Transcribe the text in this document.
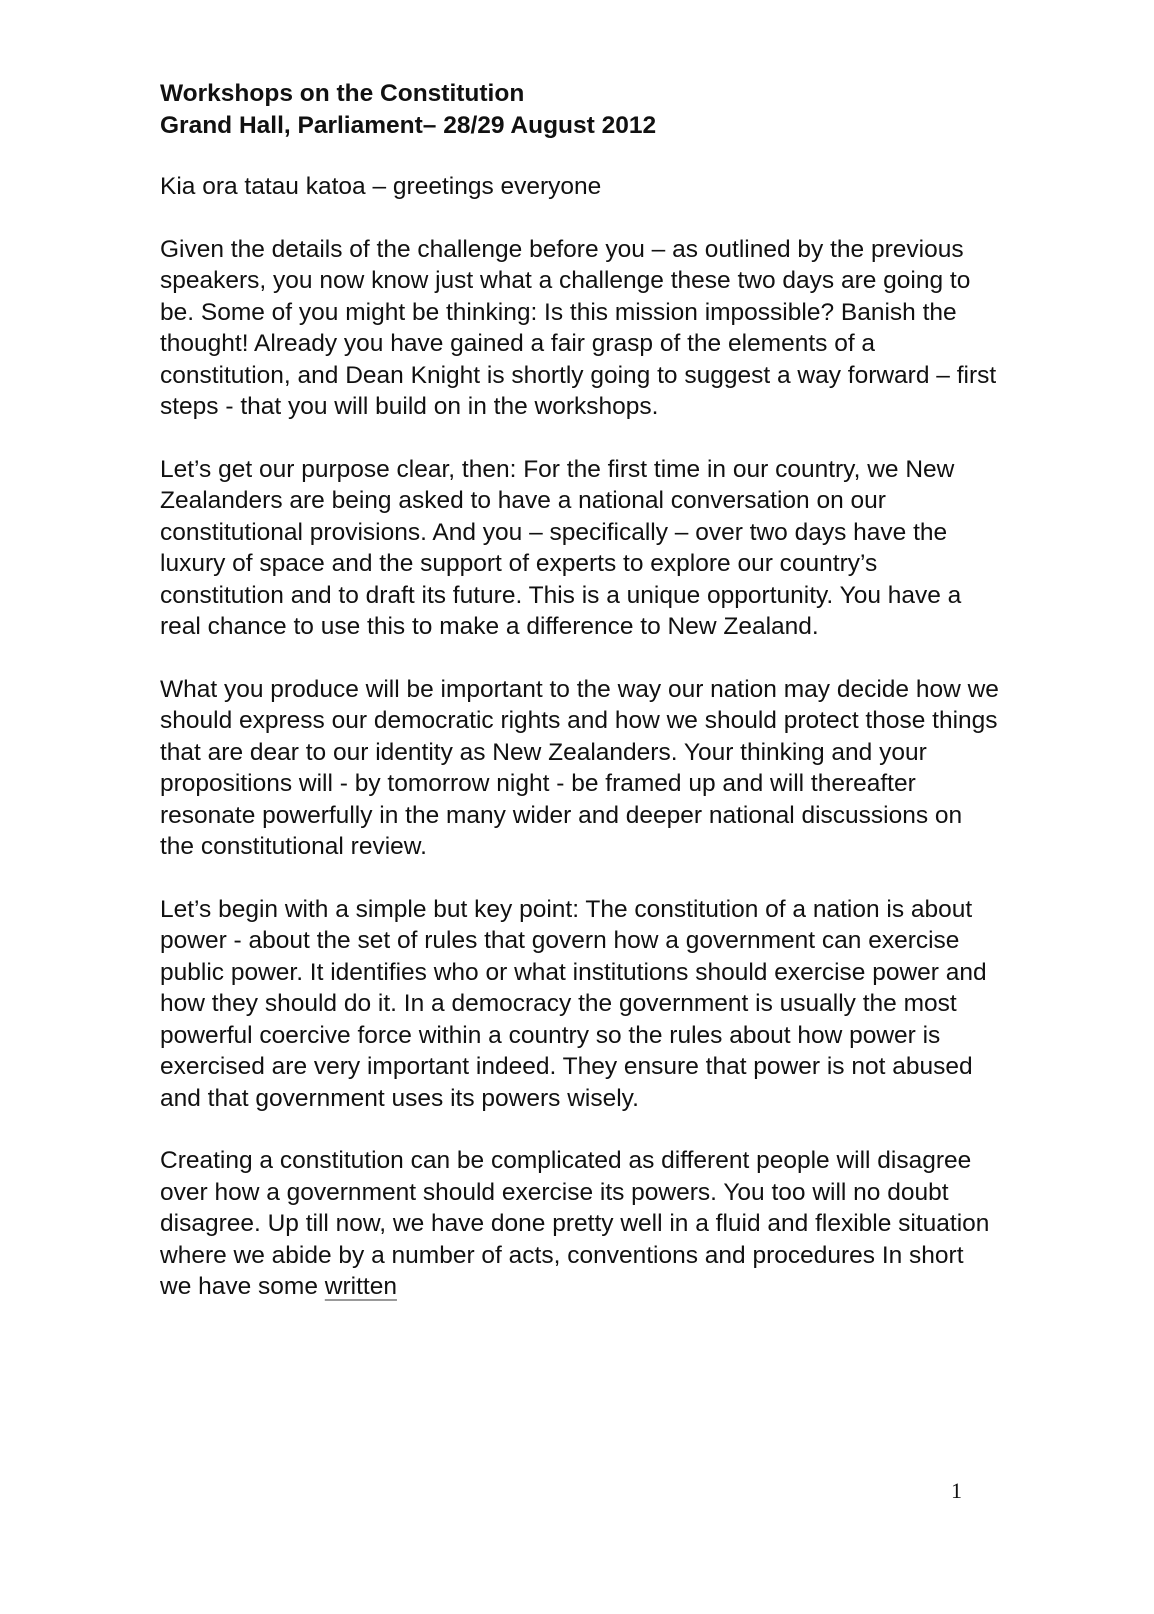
Workshops on the Constitution
Grand Hall, Parliament– 28/29 August 2012

Kia ora tatau katoa – greetings everyone

Given the details of the challenge before you – as outlined by the previous speakers, you now know just what a challenge these two days are going to be. Some of you might be thinking: Is this mission impossible? Banish the thought! Already you have gained a fair grasp of the elements of a constitution, and Dean Knight is shortly going to suggest a way forward – first steps - that you will build on in the workshops.

Let’s get our purpose clear, then: For the first time in our country, we New Zealanders are being asked to have a national conversation on our constitutional provisions. And you – specifically – over two days have the luxury of space and the support of experts to explore our country’s constitution and to draft its future. This is a unique opportunity. You have a real chance to use this to make a difference to New Zealand.

What you produce will be important to the way our nation may decide how we should express our democratic rights and how we should protect those things that are dear to our identity as New Zealanders. Your thinking and your propositions will - by tomorrow night - be framed up and will thereafter resonate powerfully in the many wider and deeper national discussions on the constitutional review.

Let’s begin with a simple but key point: The constitution of a nation is about power - about the set of rules that govern how a government can exercise public power. It identifies who or what institutions should exercise power and how they should do it. In a democracy the government is usually the most powerful coercive force within a country so the rules about how power is exercised are very important indeed. They ensure that power is not abused and that government uses its powers wisely.

Creating a constitution can be complicated as different people will disagree over how a government should exercise its powers. You too will no doubt disagree. Up till now, we have done pretty well in a fluid and flexible situation where we abide by a number of acts, conventions and procedures In short we have some written

1
